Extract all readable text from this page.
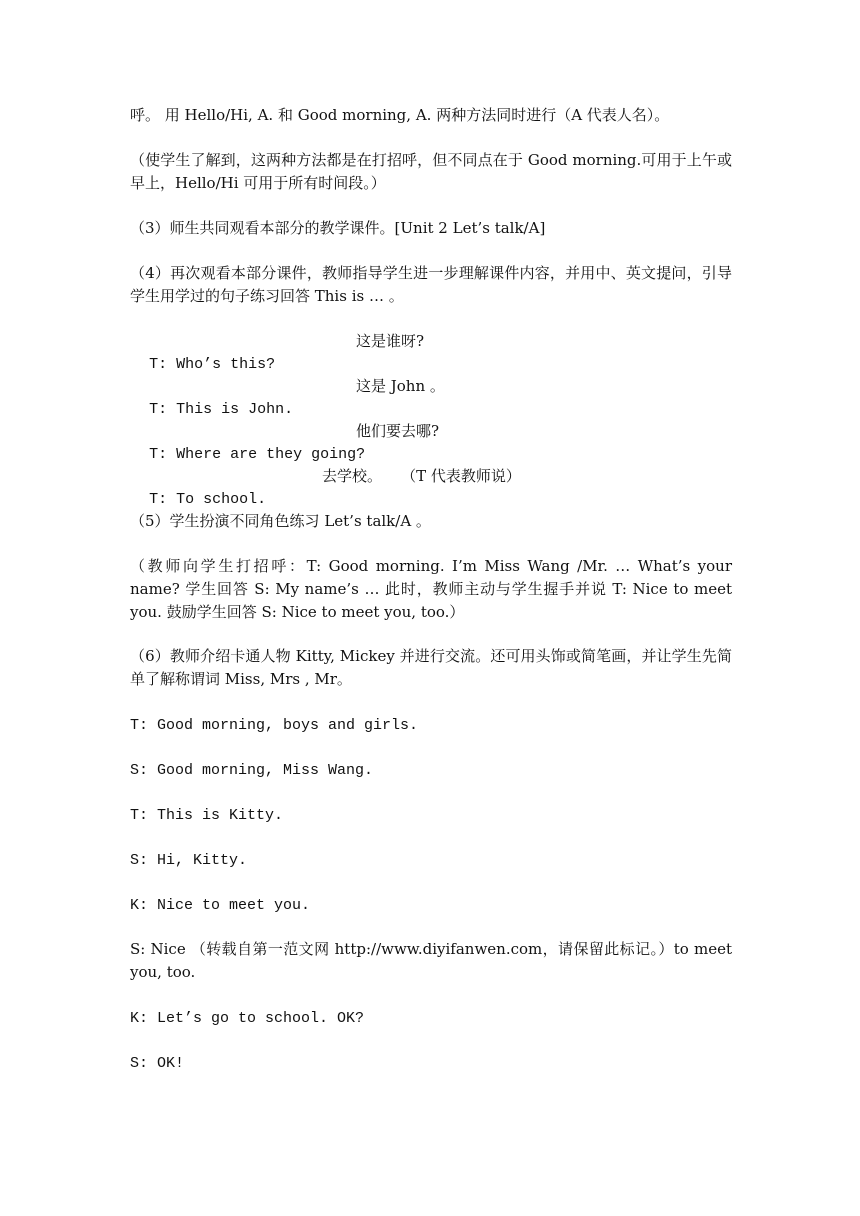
呼。 用 Hello/Hi, A. 和 Good morning, A. 两种方法同时进行（A 代表人名）。
（使学生了解到，这两种方法都是在打招呼，但不同点在于 Good morning.可用于上午或早上，Hello/Hi 可用于所有时间段。）
（3）师生共同观看本部分的教学课件。[Unit 2 Let’s talk/A]
（4）再次观看本部分课件，教师指导学生进一步理解课件内容，并用中、英文提问，引导学生用学过的句子练习回答 This is … 。

T: Who’s this?

这是谁呀?

T: This is John.

这是 John 。

T: Where are they going?

他们要去哪?

T: To school.

去学校。    （T 代表教师说）

（5）学生扮演不同角色练习 Let’s talk/A 。
（教师向学生打招呼：T: Good morning. I’m Miss Wang /Mr. … What’s your name? 学生回答 S: My name’s … 此时，教师主动与学生握手并说 T: Nice to meet you. 鼓励学生回答 S: Nice to meet you, too.）
（6）教师介绍卡通人物 Kitty, Mickey 并进行交流。还可用头饰或简笔画，并让学生先简单了解称谓词 Miss, Mrs , Mr。
T: Good morning, boys and girls.
S: Good morning, Miss Wang.
T: This is Kitty.
S: Hi, Kitty.
K: Nice to meet you.
S: Nice （转载自第一范文网 http://www.diyifanwen.com，请保留此标记。）to meet you, too.
K: Let’s go to school. OK?
S: OK!
